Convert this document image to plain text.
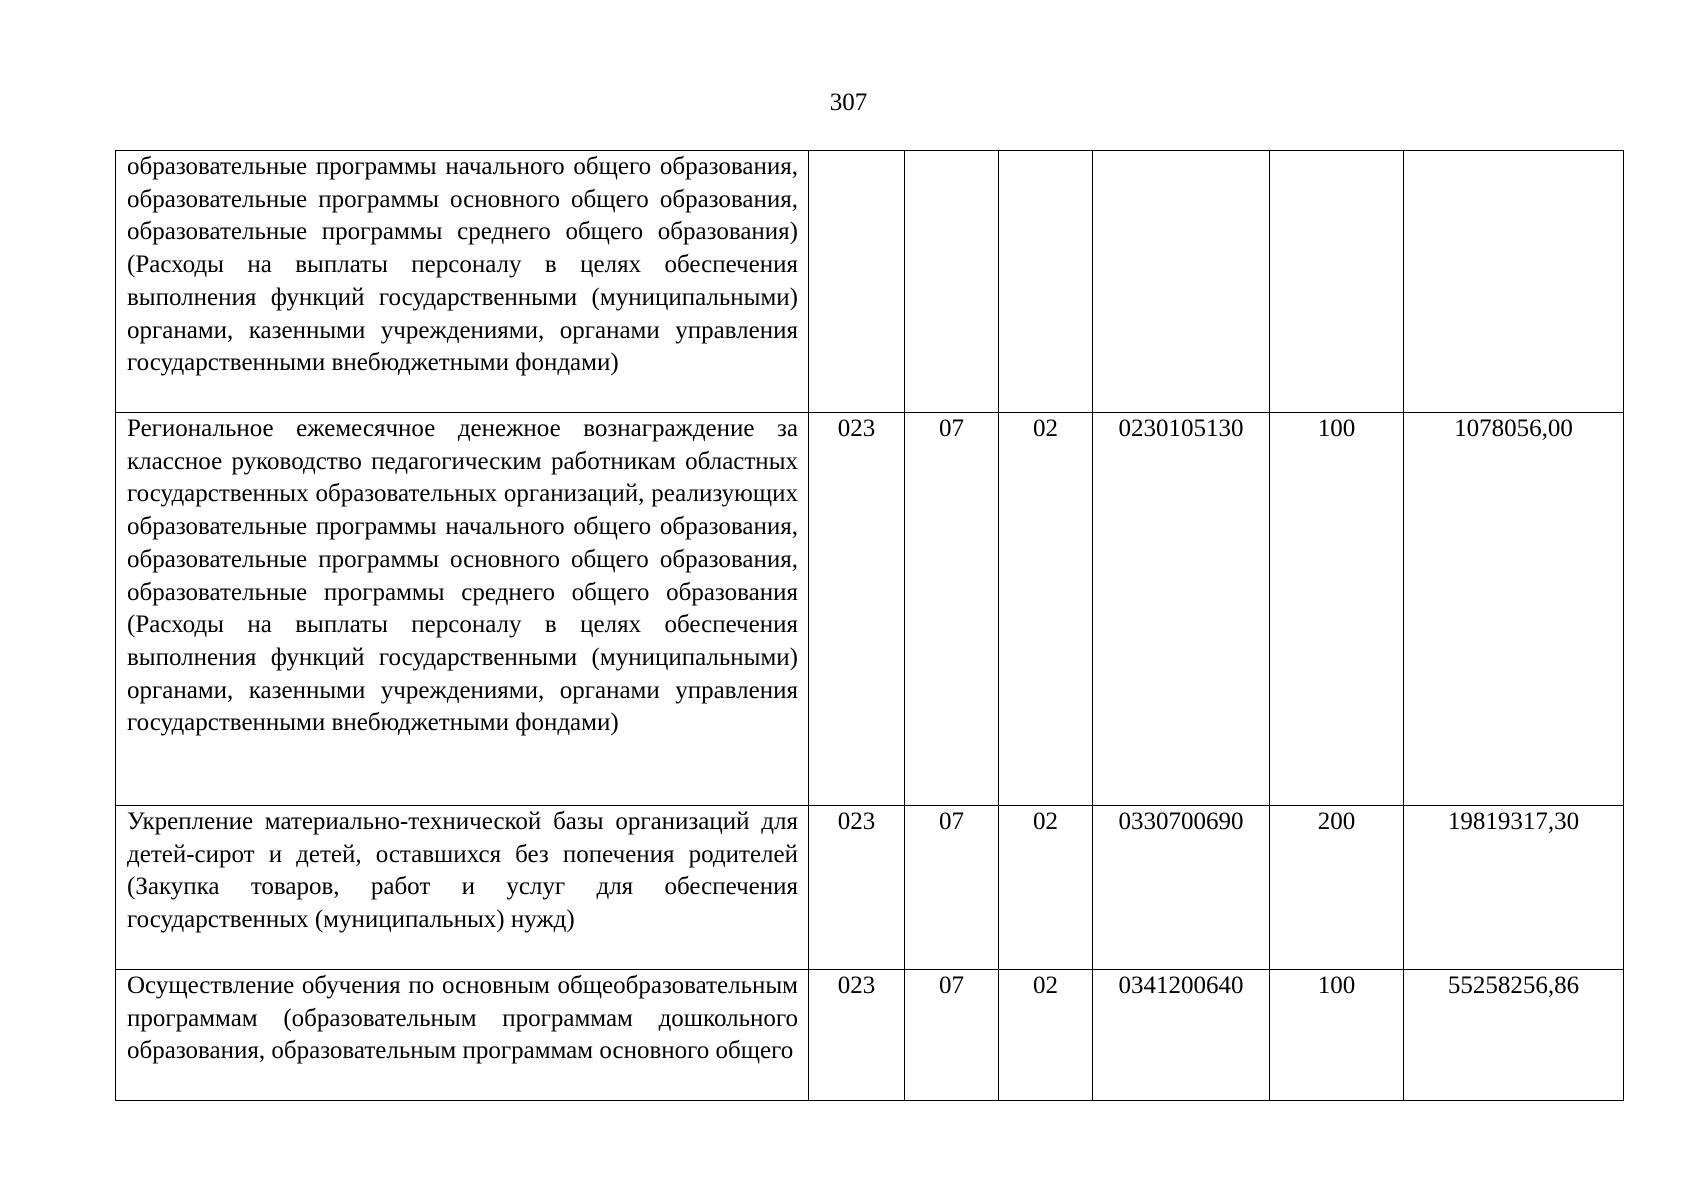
307
образовательные программы начального общего образования, образовательные программы основного общего образования, образовательные программы среднего общего образования) (Расходы на выплаты персоналу в целях обеспечения выполнения функций государственными (муниципальными) органами, казенными учреждениями, органами управления государственными внебюджетными фондами)						

Региональное ежемесячное денежное вознаграждение за классное руководство педагогическим работникам областных государственных образовательных организаций, реализующих образовательные программы начального общего образования, образовательные программы основного общего образования, образовательные программы среднего общего образования (Расходы на выплаты персоналу в целях обеспечения выполнения функций государственными (муниципальными) органами, казенными учреждениями, органами управления государственными внебюджетными фондами)	023	07	02	0230105130	100	1078056,00

Укрепление материально-технической базы организаций для детей-сирот и детей, оставшихся без попечения родителей (Закупка товаров, работ и услуг для обеспечения государственных (муниципальных) нужд)	023	07	02	0330700690	200	19819317,30

Осуществление обучения по основным общеобразовательным программам (образовательным программам дошкольного образования, образовательным программам основного общего	023	07	02	0341200640	100	55258256,86
